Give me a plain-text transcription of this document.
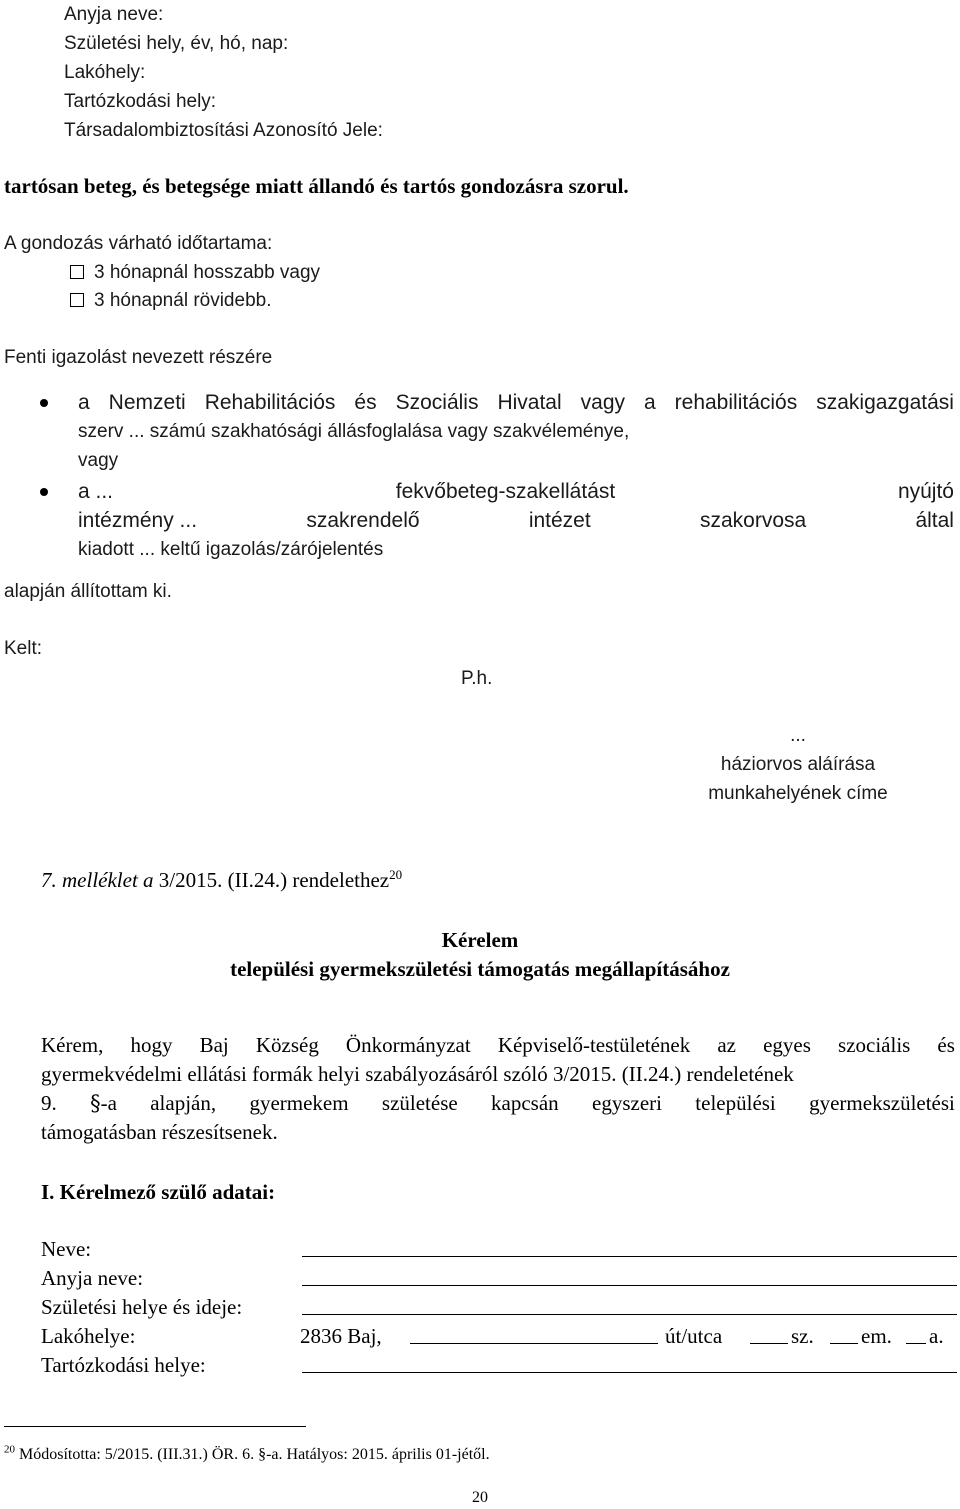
Anyja neve:
Születési hely, év, hó, nap:
Lakóhely:
Tartózkodási hely:
Társadalombiztosítási Azonosító Jele:
tartósan beteg, és betegsége miatt állandó és tartós gondozásra szorul.
A gondozás várható időtartama:
3 hónapnál hosszabb vagy
3 hónapnál rövidebb.
Fenti igazolást nevezett részére
a Nemzeti Rehabilitációs és Szociális Hivatal vagy a rehabilitációs szakigazgatási
szerv ... számú szakhatósági állásfoglalása vagy szakvéleménye,
vagy
a ...	fekvőbeteg-szakellátást	nyújtó
intézmény ...	szakrendelő	intézet	szakorvosa	által
kiadott ... keltű igazolás/zárójelentés
alapján állítottam ki.
Kelt:
P.h.
...
háziorvos aláírása
munkahelyének címe
7. melléklet a 3/2015. (II.24.) rendelethez$^{20}$
Kérelem
települési gyermekszületési támogatás megállapításához
Kérem, hogy Baj Község Önkormányzat Képviselő-testületének az egyes szociális és
gyermekvédelmi ellátási formák helyi szabályozásáról szóló 3/2015. (II.24.) rendeletének
9. §-a alapján, gyermekem születése kapcsán egyszeri települési gyermekszületési
támogatásban részesítsenek.
I. Kérelmező szülő adatai:
Neve:
Anyja neve:
Születési helye és ideje:
Lakóhelye:	2836 Baj,	út/utca	sz. em. a.
Tartózkodási helye:
$^{20}$ Módosította: 5/2015. (III.31.) ÖR. 6. §-a. Hatályos: 2015. április 01-jétől.
20
